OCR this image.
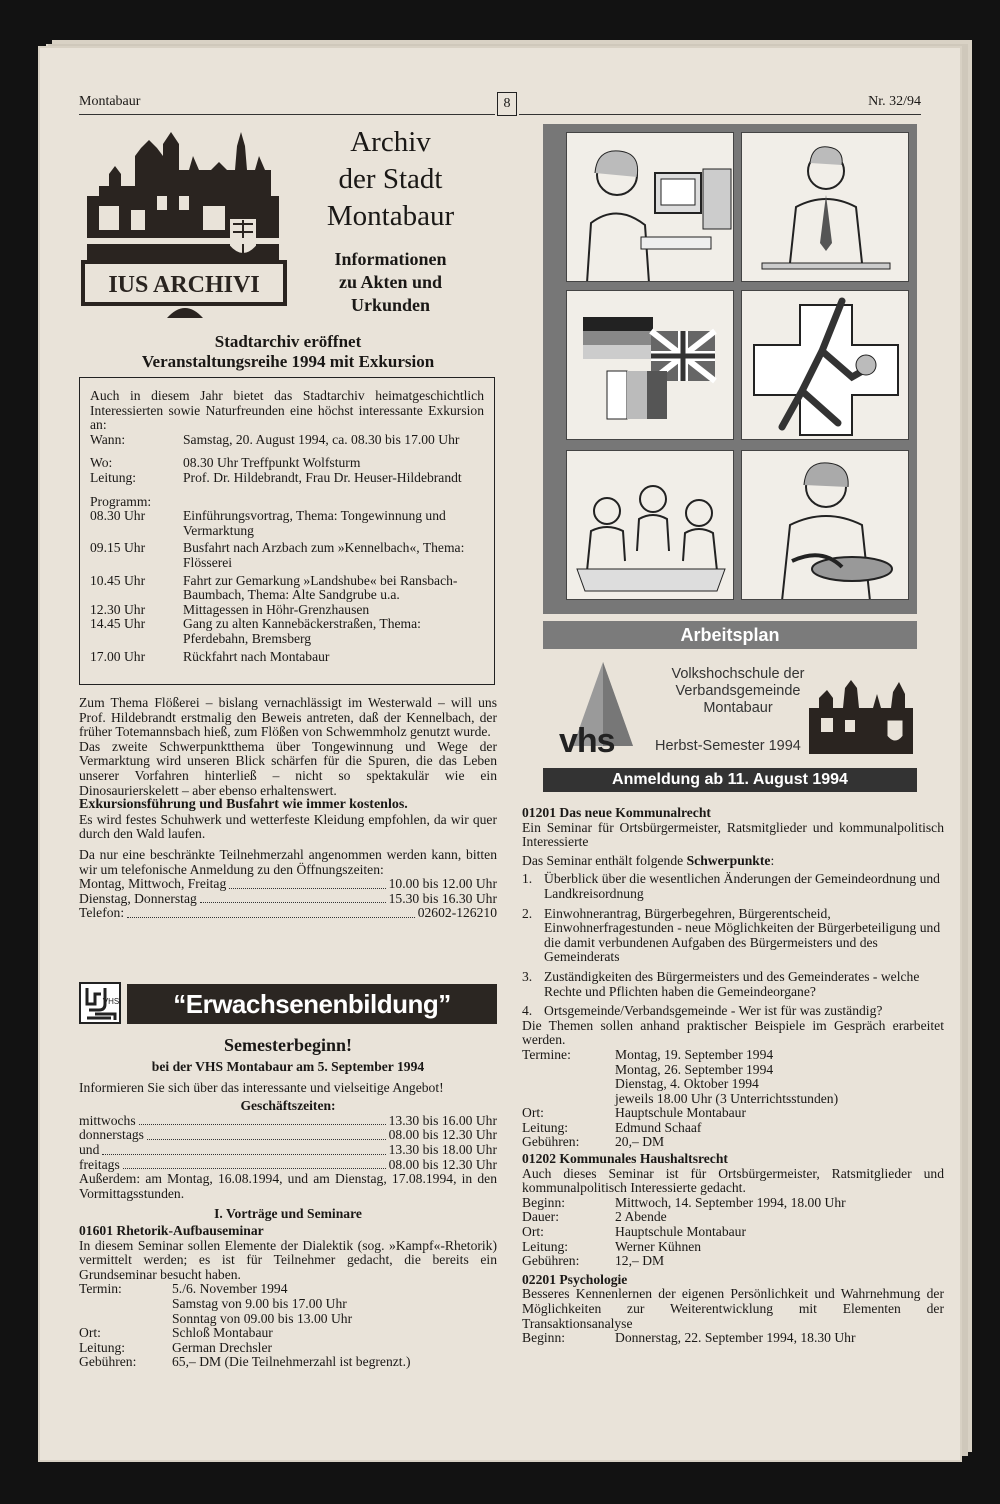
Montabaur	8	Nr. 32/94
IUS ARCHIVI
Archiv
der Stadt
Montabaur
Informationen
zu Akten und
Urkunden
Stadtarchiv eröffnet
Veranstaltungsreihe 1994 mit Exkursion
Auch in diesem Jahr bietet das Stadtarchiv heimatgeschichtlich Interessierten sowie Naturfreunden eine höchst interessante Exkursion an:
Wann:	Samstag, 20. August 1994, ca. 08.30 bis 17.00 Uhr
Wo:	08.30 Uhr Treffpunkt Wolfsturm
Leitung:	Prof. Dr. Hildebrandt, Frau Dr. Heuser-Hildebrandt
Programm:
08.30 Uhr	Einführungsvortrag, Thema: Tongewinnung und Vermarktung
09.15 Uhr	Busfahrt nach Arzbach zum »Kennelbach«, Thema: Flösserei
10.45 Uhr	Fahrt zur Gemarkung »Landshube« bei Ransbach-Baumbach, Thema: Alte Sandgrube u.a.
12.30 Uhr	Mittagessen in Höhr-Grenzhausen
14.45 Uhr	Gang zu alten Kannebäckerstraßen, Thema: Pferdebahn, Bremsberg
17.00 Uhr	Rückfahrt nach Montabaur
Zum Thema Flößerei – bislang vernachlässigt im Westerwald – will uns Prof. Hildebrandt erstmalig den Beweis antreten, daß der Kennelbach, der früher Totemannsbach hieß, zum Flößen von Schwemmholz genutzt wurde.
Das zweite Schwerpunktthema über Tongewinnung und Wege der Vermarktung wird unseren Blick schärfen für die Spuren, die das Leben unserer Vorfahren hinterließ – nicht so spektakulär wie ein Dinosaurierskelett – aber ebenso erhaltenswert.
Exkursionsführung und Busfahrt wie immer kostenlos.
Es wird festes Schuhwerk und wetterfeste Kleidung empfohlen, da wir quer durch den Wald laufen.
Da nur eine beschränkte Teilnehmerzahl angenommen werden kann, bitten wir um telefonische Anmeldung zu den Öffnungszeiten:
Montag, Mittwoch, Freitag	10.00 bis 12.00 Uhr
Dienstag, Donnerstag	15.30 bis 16.30 Uhr
Telefon:	02602-126210
VHS	“Erwachsenenbildung”
Semesterbeginn!
bei der VHS Montabaur am 5. September 1994
Informieren Sie sich über das interessante und vielseitige Angebot!
Geschäftszeiten:
mittwochs	13.30 bis 16.00 Uhr
donnerstags	08.00 bis 12.30 Uhr
und	13.30 bis 18.00 Uhr
freitags	08.00 bis 12.30 Uhr
Außerdem: am Montag, 16.08.1994, und am Dienstag, 17.08.1994, in den Vormittagsstunden.
I. Vorträge und Seminare
01601 Rhetorik-Aufbauseminar
In diesem Seminar sollen Elemente der Dialektik (sog. »Kampf«-Rhetorik) vermittelt werden; es ist für Teilnehmer gedacht, die bereits ein Grundseminar besucht haben.
Termin:	5./6. November 1994
Samstag von 9.00 bis 17.00 Uhr
Sonntag von 09.00 bis 13.00 Uhr
Ort:	Schloß Montabaur
Leitung:	German Drechsler
Gebühren:	65,– DM (Die Teilnehmerzahl ist begrenzt.)
Arbeitsplan
vhs
Volkshochschule der
Verbandsgemeinde
Montabaur
Herbst-Semester 1994
Anmeldung ab 11. August 1994
01201 Das neue Kommunalrecht
Ein Seminar für Ortsbürgermeister, Ratsmitglieder und kommunalpolitisch Interessierte
Das Seminar enthält folgende Schwerpunkte:
1. Überblick über die wesentlichen Änderungen der Gemeindeordnung und Landkreisordnung
2. Einwohnerantrag, Bürgerbegehren, Bürgerentscheid, Einwohnerfragestunden - neue Möglichkeiten der Bürgerbeteiligung und die damit verbundenen Aufgaben des Bürgermeisters und des Gemeinderats
3. Zuständigkeiten des Bürgermeisters und des Gemeinderates - welche Rechte und Pflichten haben die Gemeindeorgane?
4. Ortsgemeinde/Verbandsgemeinde - Wer ist für was zuständig?
Die Themen sollen anhand praktischer Beispiele im Gespräch erarbeitet werden.
Termine:	Montag, 19. September 1994
Montag, 26. September 1994
Dienstag, 4. Oktober 1994
jeweils 18.00 Uhr (3 Unterrichtsstunden)
Ort:	Hauptschule Montabaur
Leitung:	Edmund Schaaf
Gebühren:	20,– DM
01202 Kommunales Haushaltsrecht
Auch dieses Seminar ist für Ortsbürgermeister, Ratsmitglieder und kommunalpolitisch Interessierte gedacht.
Beginn:	Mittwoch, 14. September 1994, 18.00 Uhr
Dauer:	2 Abende
Ort:	Hauptschule Montabaur
Leitung:	Werner Kühnen
Gebühren:	12,– DM
02201 Psychologie
Besseres Kennenlernen der eigenen Persönlichkeit und Wahrnehmung der Möglichkeiten zur Weiterentwicklung mit Elementen der Transaktionsanalyse
Beginn:	Donnerstag, 22. September 1994, 18.30 Uhr
